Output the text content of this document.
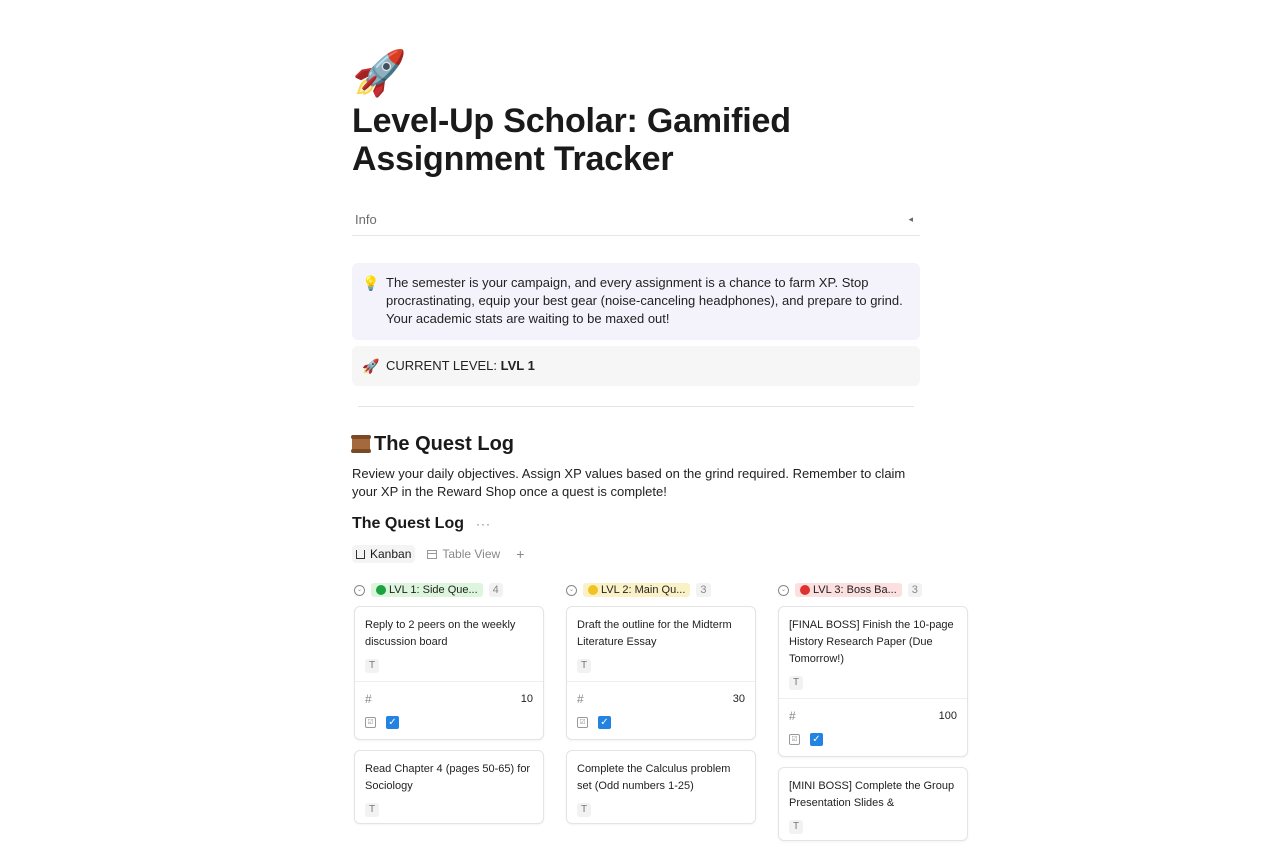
🚀
Level-Up Scholar: Gamified Assignment Tracker
Info	◂
💡 The semester is your campaign, and every assignment is a chance to farm XP. Stop procrastinating, equip your best gear (noise-canceling headphones), and prepare to grind. Your academic stats are waiting to be maxed out!
🚀 CURRENT LEVEL: LVL 1
The Quest Log
Review your daily objectives. Assign XP values based on the grind required. Remember to claim your XP in the Reward Shop once a quest is complete!
The Quest Log ···
Kanban	Table View +
⌄ LVL 1: Side Que...	4
Reply to 2 peers on the weekly discussion board
T
#	10
☑ ✓
Read Chapter 4 (pages 50-65) for Sociology
T
⌄ LVL 2: Main Qu...	3
Draft the outline for the Midterm Literature Essay
T
#	30
☑ ✓
Complete the Calculus problem set (Odd numbers 1-25)
T
⌄ LVL 3: Boss Ba...	3
[FINAL BOSS] Finish the 10-page History Research Paper (Due Tomorrow!)
T
#	100
☑ ✓
[MINI BOSS] Complete the Group Presentation Slides &
T
